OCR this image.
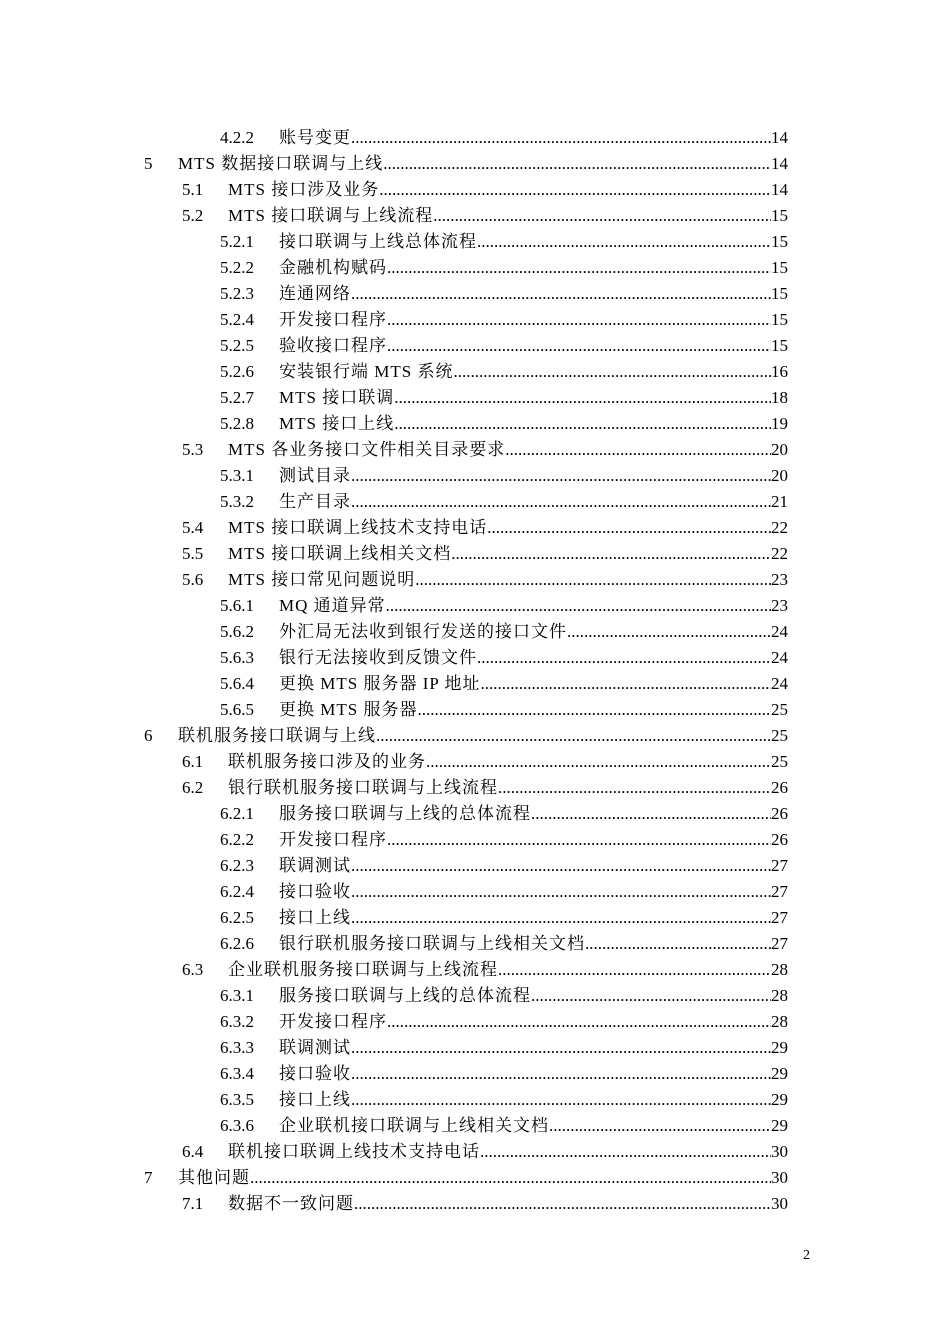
4.2.2 账号变更 .....	14
5 MTS 数据接口联调与上线 .....	14
5.1 MTS 接口涉及业务 .....	14
5.2 MTS 接口联调与上线流程 .....	15
5.2.1 接口联调与上线总体流程 .....	15
5.2.2 金融机构赋码 .....	15
5.2.3 连通网络 .....	15
5.2.4 开发接口程序 .....	15
5.2.5 验收接口程序 .....	15
5.2.6 安装银行端 MTS 系统 .....	16
5.2.7 MTS 接口联调 .....	18
5.2.8 MTS 接口上线 .....	19
5.3 MTS 各业务接口文件相关目录要求 .....	20
5.3.1 测试目录 .....	20
5.3.2 生产目录 .....	21
5.4 MTS 接口联调上线技术支持电话 .....	22
5.5 MTS 接口联调上线相关文档 .....	22
5.6 MTS 接口常见问题说明 .....	23
5.6.1 MQ 通道异常 .....	23
5.6.2 外汇局无法收到银行发送的接口文件 .....	24
5.6.3 银行无法接收到反馈文件 .....	24
5.6.4 更换 MTS 服务器 IP 地址 .....	24
5.6.5 更换 MTS 服务器 .....	25
6 联机服务接口联调与上线 .....	25
6.1 联机服务接口涉及的业务 .....	25
6.2 银行联机服务接口联调与上线流程 .....	26
6.2.1 服务接口联调与上线的总体流程 .....	26
6.2.2 开发接口程序 .....	26
6.2.3 联调测试 .....	27
6.2.4 接口验收 .....	27
6.2.5 接口上线 .....	27
6.2.6 银行联机服务接口联调与上线相关文档 .....	27
6.3 企业联机服务接口联调与上线流程 .....	28
6.3.1 服务接口联调与上线的总体流程 .....	28
6.3.2 开发接口程序 .....	28
6.3.3 联调测试 .....	29
6.3.4 接口验收 .....	29
6.3.5 接口上线 .....	29
6.3.6 企业联机接口联调与上线相关文档 .....	29
6.4 联机接口联调上线技术支持电话 .....	30
7 其他问题 .....	30
7.1 数据不一致问题 .....	30
2
